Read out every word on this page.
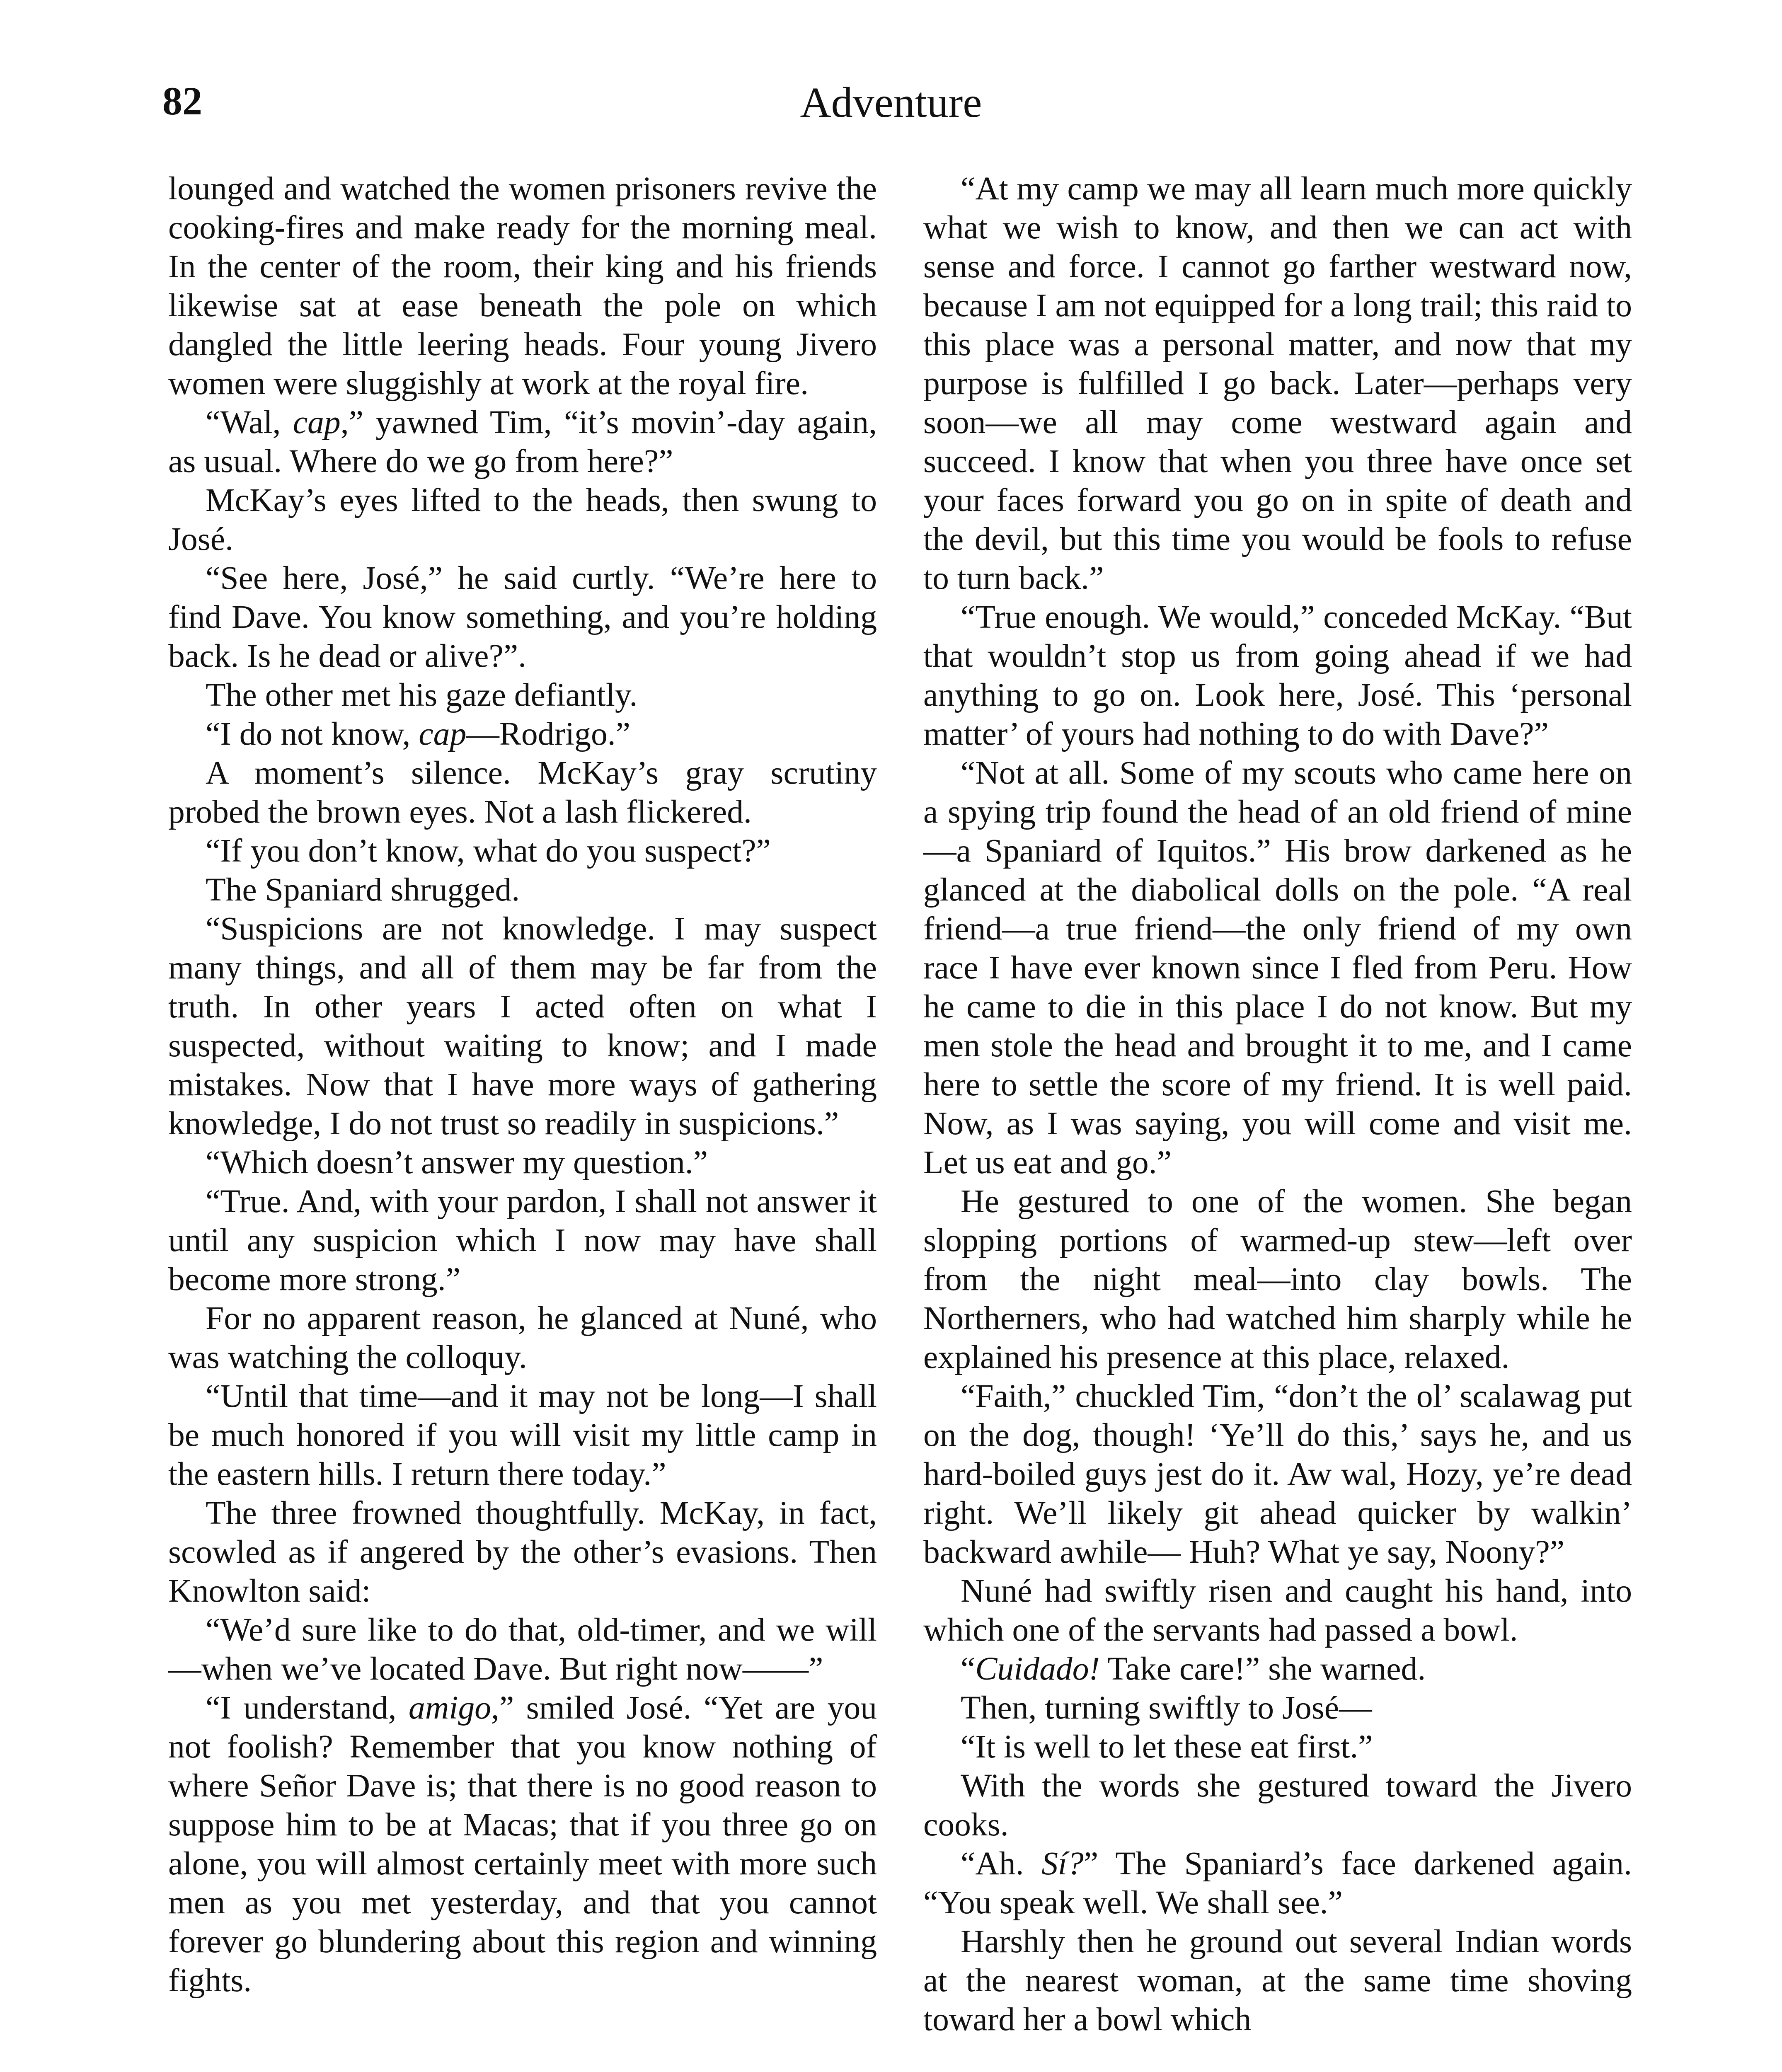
82	Adventure

lounged and watched the women prisoners revive the cooking-fires and make ready for the morning meal. In the center of the room, their king and his friends likewise sat at ease beneath the pole on which dangled the little leering heads. Four young Jivero women were sluggishly at work at the royal fire.

“Wal, cap,” yawned Tim, “it’s movin’-day again, as usual. Where do we go from here?”

McKay’s eyes lifted to the heads, then swung to José.

“See here, José,” he said curtly. “We’re here to find Dave. You know something, and you’re holding back. Is he dead or alive?”.

The other met his gaze defiantly.

“I do not know, cap—Rodrigo.”

A moment’s silence. McKay’s gray scrutiny probed the brown eyes. Not a lash flickered.

“If you don’t know, what do you suspect?”

The Spaniard shrugged.

“Suspicions are not knowledge. I may suspect many things, and all of them may be far from the truth. In other years I acted often on what I suspected, without waiting to know; and I made mistakes. Now that I have more ways of gathering knowledge, I do not trust so readily in suspicions.”

“Which doesn’t answer my question.”

“True. And, with your pardon, I shall not answer it until any suspicion which I now may have shall become more strong.”

For no apparent reason, he glanced at Nuné, who was watching the colloquy.

“Until that time—and it may not be long—I shall be much honored if you will visit my little camp in the eastern hills. I return there today.”

The three frowned thoughtfully. McKay, in fact, scowled as if angered by the other’s evasions. Then Knowlton said:

“We’d sure like to do that, old-timer, and we will—when we’ve located Dave. But right now——”

“I understand, amigo,” smiled José. “Yet are you not foolish? Remember that you know nothing of where Señor Dave is; that there is no good reason to suppose him to be at Macas; that if you three go on alone, you will almost certainly meet with more such men as you met yesterday, and that you cannot forever go blundering about this region and winning fights.

“At my camp we may all learn much more quickly what we wish to know, and then we can act with sense and force. I cannot go farther westward now, because I am not equipped for a long trail; this raid to this place was a personal matter, and now that my purpose is fulfilled I go back. Later—perhaps very soon—we all may come westward again and succeed. I know that when you three have once set your faces forward you go on in spite of death and the devil, but this time you would be fools to refuse to turn back.”

“True enough. We would,” conceded McKay. “But that wouldn’t stop us from going ahead if we had anything to go on. Look here, José. This ‘personal matter’ of yours had nothing to do with Dave?”

“Not at all. Some of my scouts who came here on a spying trip found the head of an old friend of mine—a Spaniard of Iquitos.” His brow darkened as he glanced at the diabolical dolls on the pole. “A real friend—a true friend—the only friend of my own race I have ever known since I fled from Peru. How he came to die in this place I do not know. But my men stole the head and brought it to me, and I came here to settle the score of my friend. It is well paid. Now, as I was saying, you will come and visit me. Let us eat and go.”

He gestured to one of the women. She began slopping portions of warmed-up stew—left over from the night meal—into clay bowls. The Northerners, who had watched him sharply while he explained his presence at this place, relaxed.

“Faith,” chuckled Tim, “don’t the ol’ scalawag put on the dog, though! ‘Ye’ll do this,’ says he, and us hard-boiled guys jest do it. Aw wal, Hozy, ye’re dead right. We’ll likely git ahead quicker by walkin’ backward awhile— Huh? What ye say, Noony?”

Nuné had swiftly risen and caught his hand, into which one of the servants had passed a bowl.

“Cuidado! Take care!” she warned.

Then, turning swiftly to José—

“It is well to let these eat first.”

With the words she gestured toward the Jivero cooks.

“Ah. Sí?” The Spaniard’s face darkened again. “You speak well. We shall see.”

Harshly then he ground out several Indian words at the nearest woman, at the same time shoving toward her a bowl which
